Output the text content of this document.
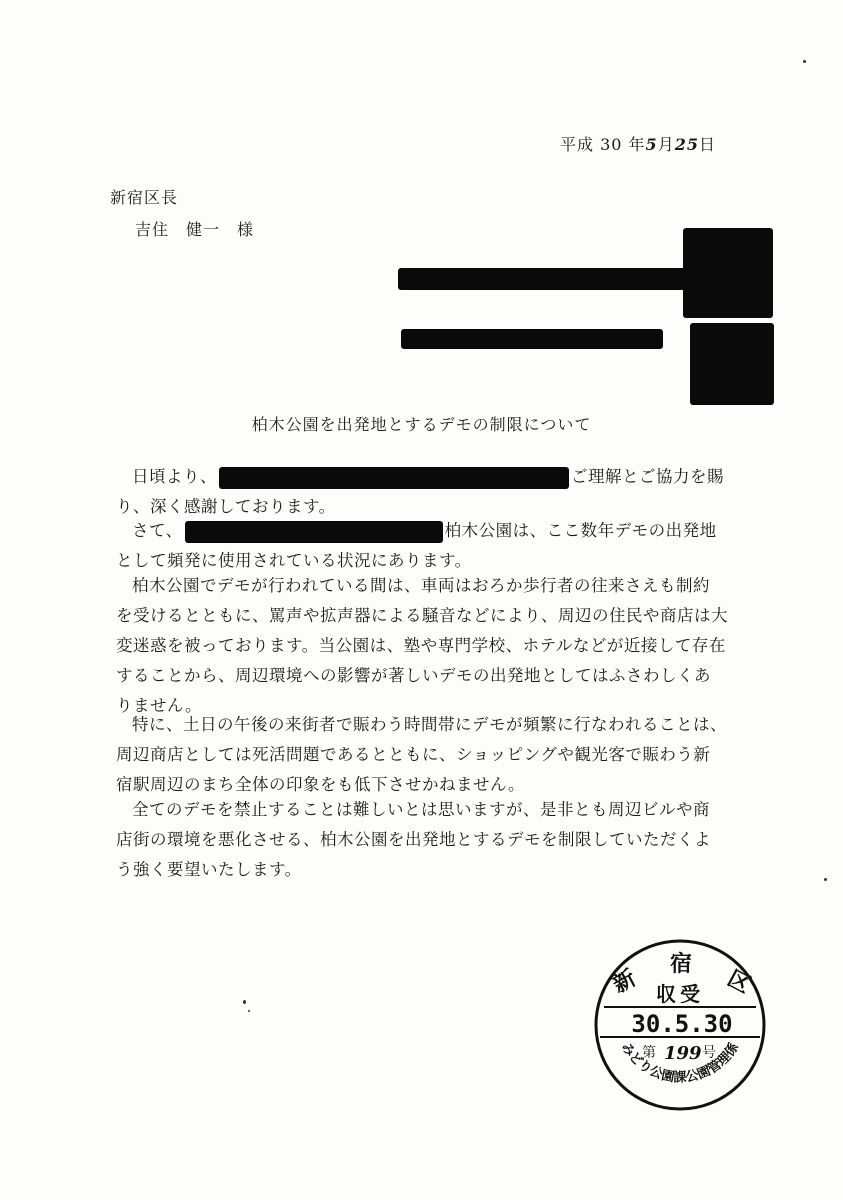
平成 30 年5月25日
新宿区長
吉住　健一　様
柏木公園を出発地とするデモの制限について
日頃より、	ご理解とご協力を賜
り、深く感謝しております。
さて、	柏木公園は、ここ数年デモの出発地
として頻発に使用されている状況にあります。
柏木公園でデモが行われている間は、車両はおろか歩行者の往来さえも制約
を受けるとともに、罵声や拡声器による騒音などにより、周辺の住民や商店は大
変迷惑を被っております。当公園は、塾や専門学校、ホテルなどが近接して存在
することから、周辺環境への影響が著しいデモの出発地としてはふさわしくあ
りません。
特に、土日の午後の来街者で賑わう時間帯にデモが頻繁に行なわれることは、
周辺商店としては死活問題であるとともに、ショッピングや観光客で賑わう新
宿駅周辺のまち全体の印象をも低下させかねません。
全てのデモを禁止することは難しいとは思いますが、是非とも周辺ビルや商
店街の環境を悪化させる、柏木公園を出発地とするデモを制限していただくよ
う強く要望いたします。
新
宿
区
収受
30.5.30
第 199 号
みどり公園課公園管理係
